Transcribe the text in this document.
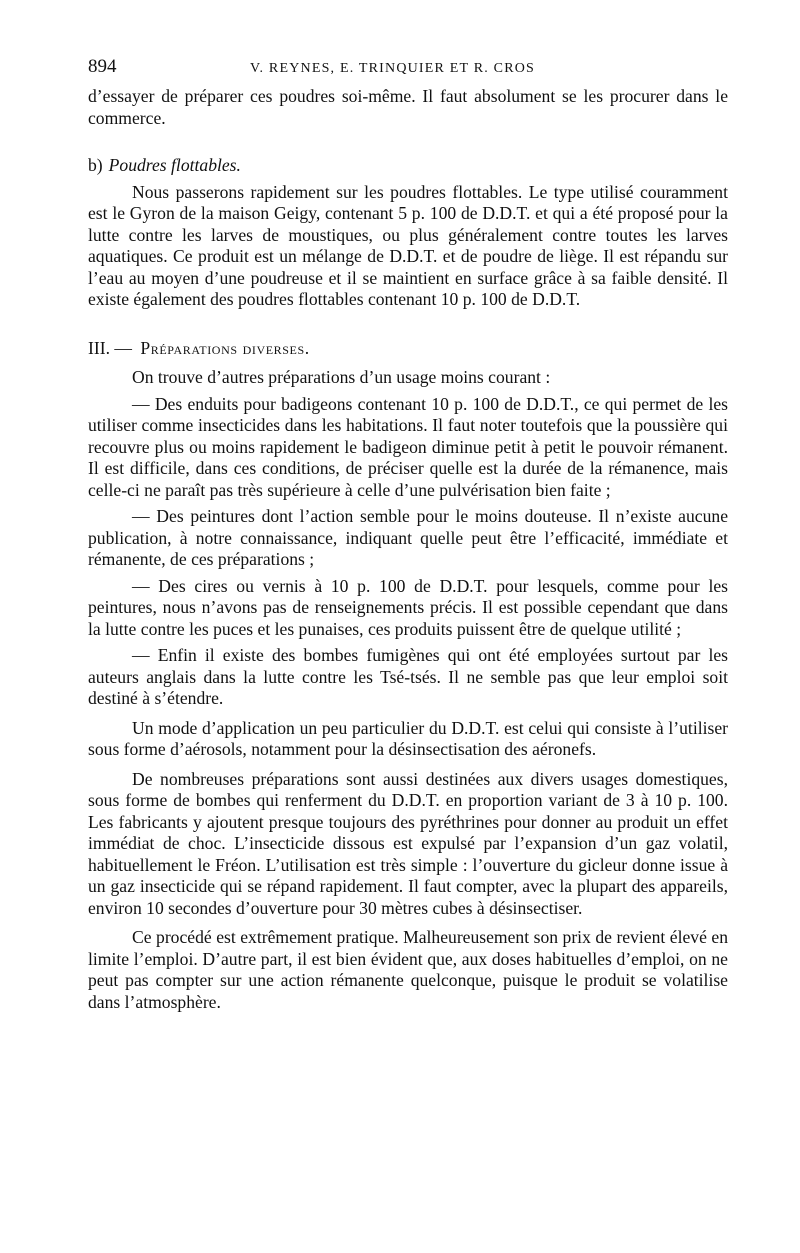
894	V. REYNES, E. TRINQUIER ET R. CROS

d’essayer de préparer ces poudres soi-même. Il faut absolument se les procurer dans le commerce.

b) Poudres flottables.

Nous passerons rapidement sur les poudres flottables. Le type utilisé couramment est le Gyron de la maison Geigy, contenant 5 p. 100 de D.D.T. et qui a été proposé pour la lutte contre les larves de moustiques, ou plus généralement contre toutes les larves aquatiques. Ce produit est un mélange de D.D.T. et de poudre de liège. Il est répandu sur l’eau au moyen d’une poudreuse et il se maintient en surface grâce à sa faible densité. Il existe également des poudres flottables contenant 10 p. 100 de D.D.T.

III. — Préparations diverses.

On trouve d’autres préparations d’un usage moins courant :

— Des enduits pour badigeons contenant 10 p. 100 de D.D.T., ce qui permet de les utiliser comme insecticides dans les habitations. Il faut noter toutefois que la poussière qui recouvre plus ou moins rapidement le badigeon diminue petit à petit le pouvoir rémanent. Il est difficile, dans ces conditions, de préciser quelle est la durée de la rémanence, mais celle-ci ne paraît pas très supérieure à celle d’une pulvérisation bien faite ;

— Des peintures dont l’action semble pour le moins douteuse. Il n’existe aucune publication, à notre connaissance, indiquant quelle peut être l’efficacité, immédiate et rémanente, de ces préparations ;

— Des cires ou vernis à 10 p. 100 de D.D.T. pour lesquels, comme pour les peintures, nous n’avons pas de renseignements précis. Il est possible cependant que dans la lutte contre les puces et les punaises, ces produits puissent être de quelque utilité ;

— Enfin il existe des bombes fumigènes qui ont été employées surtout par les auteurs anglais dans la lutte contre les Tsé-tsés. Il ne semble pas que leur emploi soit destiné à s’étendre.

Un mode d’application un peu particulier du D.D.T. est celui qui consiste à l’utiliser sous forme d’aérosols, notamment pour la désinsectisation des aéronefs.

De nombreuses préparations sont aussi destinées aux divers usages domestiques, sous forme de bombes qui renferment du D.D.T. en proportion variant de 3 à 10 p. 100. Les fabricants y ajoutent presque toujours des pyréthrines pour donner au produit un effet immédiat de choc. L’insecticide dissous est expulsé par l’expansion d’un gaz volatil, habituellement le Fréon. L’utilisation est très simple : l’ouverture du gicleur donne issue à un gaz insecticide qui se répand rapidement. Il faut compter, avec la plupart des appareils, environ 10 secondes d’ouverture pour 30 mètres cubes à désinsectiser.

Ce procédé est extrêmement pratique. Malheureusement son prix de revient élevé en limite l’emploi. D’autre part, il est bien évident que, aux doses habituelles d’emploi, on ne peut pas compter sur une action rémanente quelconque, puisque le produit se volatilise dans l’atmosphère.
